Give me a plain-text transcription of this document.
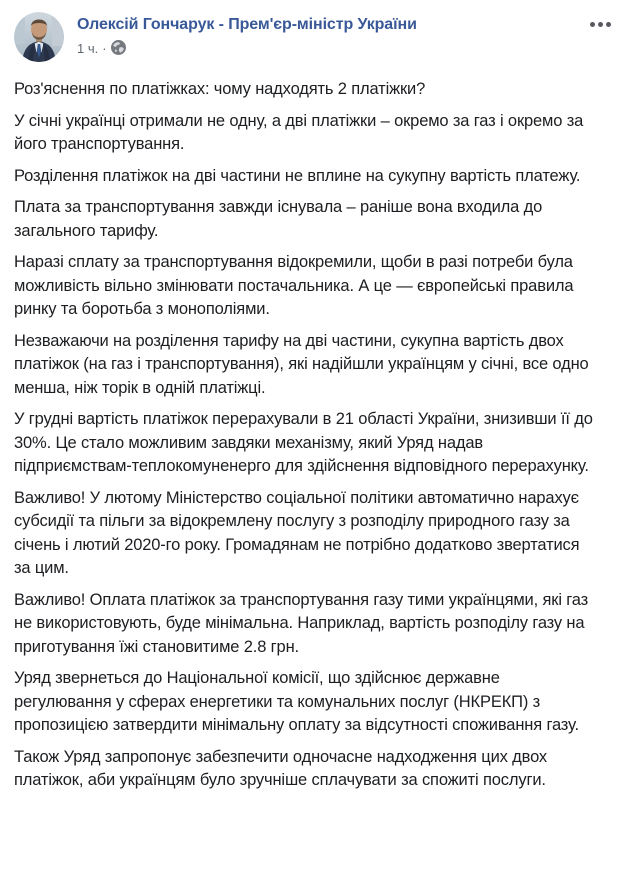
Олексій Гончарук - Прем'єр-міністр України
1 ч. ·

Роз'яснення по платіжках: чому надходять 2 платіжки?

У січні українці отримали не одну, а дві платіжки – окремо за газ і окремо за його транспортування.

Розділення платіжок на дві частини не вплине на сукупну вартість платежу.

Плата за транспортування завжди існувала – раніше вона входила до загального тарифу.

Наразі сплату за транспортування відокремили, щоби в разі потреби була можливість вільно змінювати постачальника. А це — європейські правила ринку та боротьба з монополіями.

Незважаючи на розділення тарифу на дві частини, сукупна вартість двох платіжок (на газ і транспортування), які надійшли українцям у січні, все одно менша, ніж торік в одній платіжці.

У грудні вартість платіжок перерахували в 21 області України, знизивши її до 30%. Це стало можливим завдяки механізму, який Уряд надав підприємствам-теплокомуненерго для здійснення відповідного перерахунку.

Важливо! У лютому Міністерство соціальної політики автоматично нарахує субсидії та пільги за відокремлену послугу з розподілу природного газу за січень і лютий 2020-го року. Громадянам не потрібно додатково звертатися за цим.

Важливо! Оплата платіжок за транспортування газу тими українцями, які газ не використовують, буде мінімальна. Наприклад, вартість розподілу газу на приготування їжі становитиме 2.8 грн.

Уряд звернеться до Національної комісії, що здійснює державне регулювання у сферах енергетики та комунальних послуг (НКРЕКП) з пропозицією затвердити мінімальну оплату за відсутності споживання газу.

Також Уряд запропонує забезпечити одночасне надходження цих двох платіжок, аби українцям було зручніше сплачувати за спожиті послуги.
